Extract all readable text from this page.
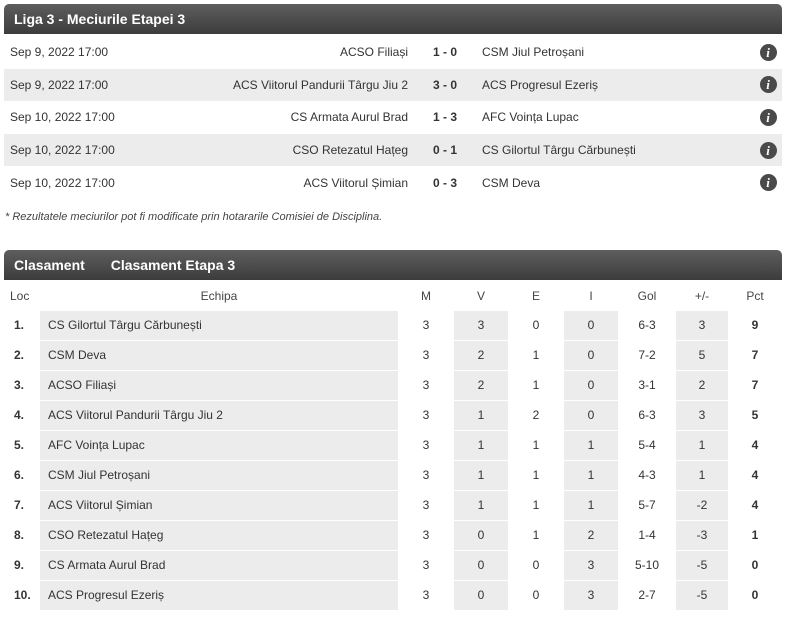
Liga 3 - Meciurile Etapei 3
Sep 9, 2022 17:00	ACSO Filiași	1 - 0	CSM Jiul Petroșani	i
Sep 9, 2022 17:00	ACS Viitorul Pandurii Târgu Jiu 2	3 - 0	ACS Progresul Ezeriș	i
Sep 10, 2022 17:00	CS Armata Aurul Brad	1 - 3	AFC Voința Lupac	i
Sep 10, 2022 17:00	CSO Retezatul Hațeg	0 - 1	CS Gilortul Târgu Cărbunești	i
Sep 10, 2022 17:00	ACS Viitorul Șimian	0 - 3	CSM Deva	i
* Rezultatele meciurilor pot fi modificate prin hotararile Comisiei de Disciplina.
Clasament Clasament Etapa 3
Loc	Echipa	M	V	E	I	Gol	+/-	Pct
1.	CS Gilortul Târgu Cărbunești	3	3	0	0	6-3	3	9
2.	CSM Deva	3	2	1	0	7-2	5	7
3.	ACSO Filiași	3	2	1	0	3-1	2	7
4.	ACS Viitorul Pandurii Târgu Jiu 2	3	1	2	0	6-3	3	5
5.	AFC Voința Lupac	3	1	1	1	5-4	1	4
6.	CSM Jiul Petroșani	3	1	1	1	4-3	1	4
7.	ACS Viitorul Șimian	3	1	1	1	5-7	-2	4
8.	CSO Retezatul Hațeg	3	0	1	2	1-4	-3	1
9.	CS Armata Aurul Brad	3	0	0	3	5-10	-5	0
10.	ACS Progresul Ezeriș	3	0	0	3	2-7	-5	0
